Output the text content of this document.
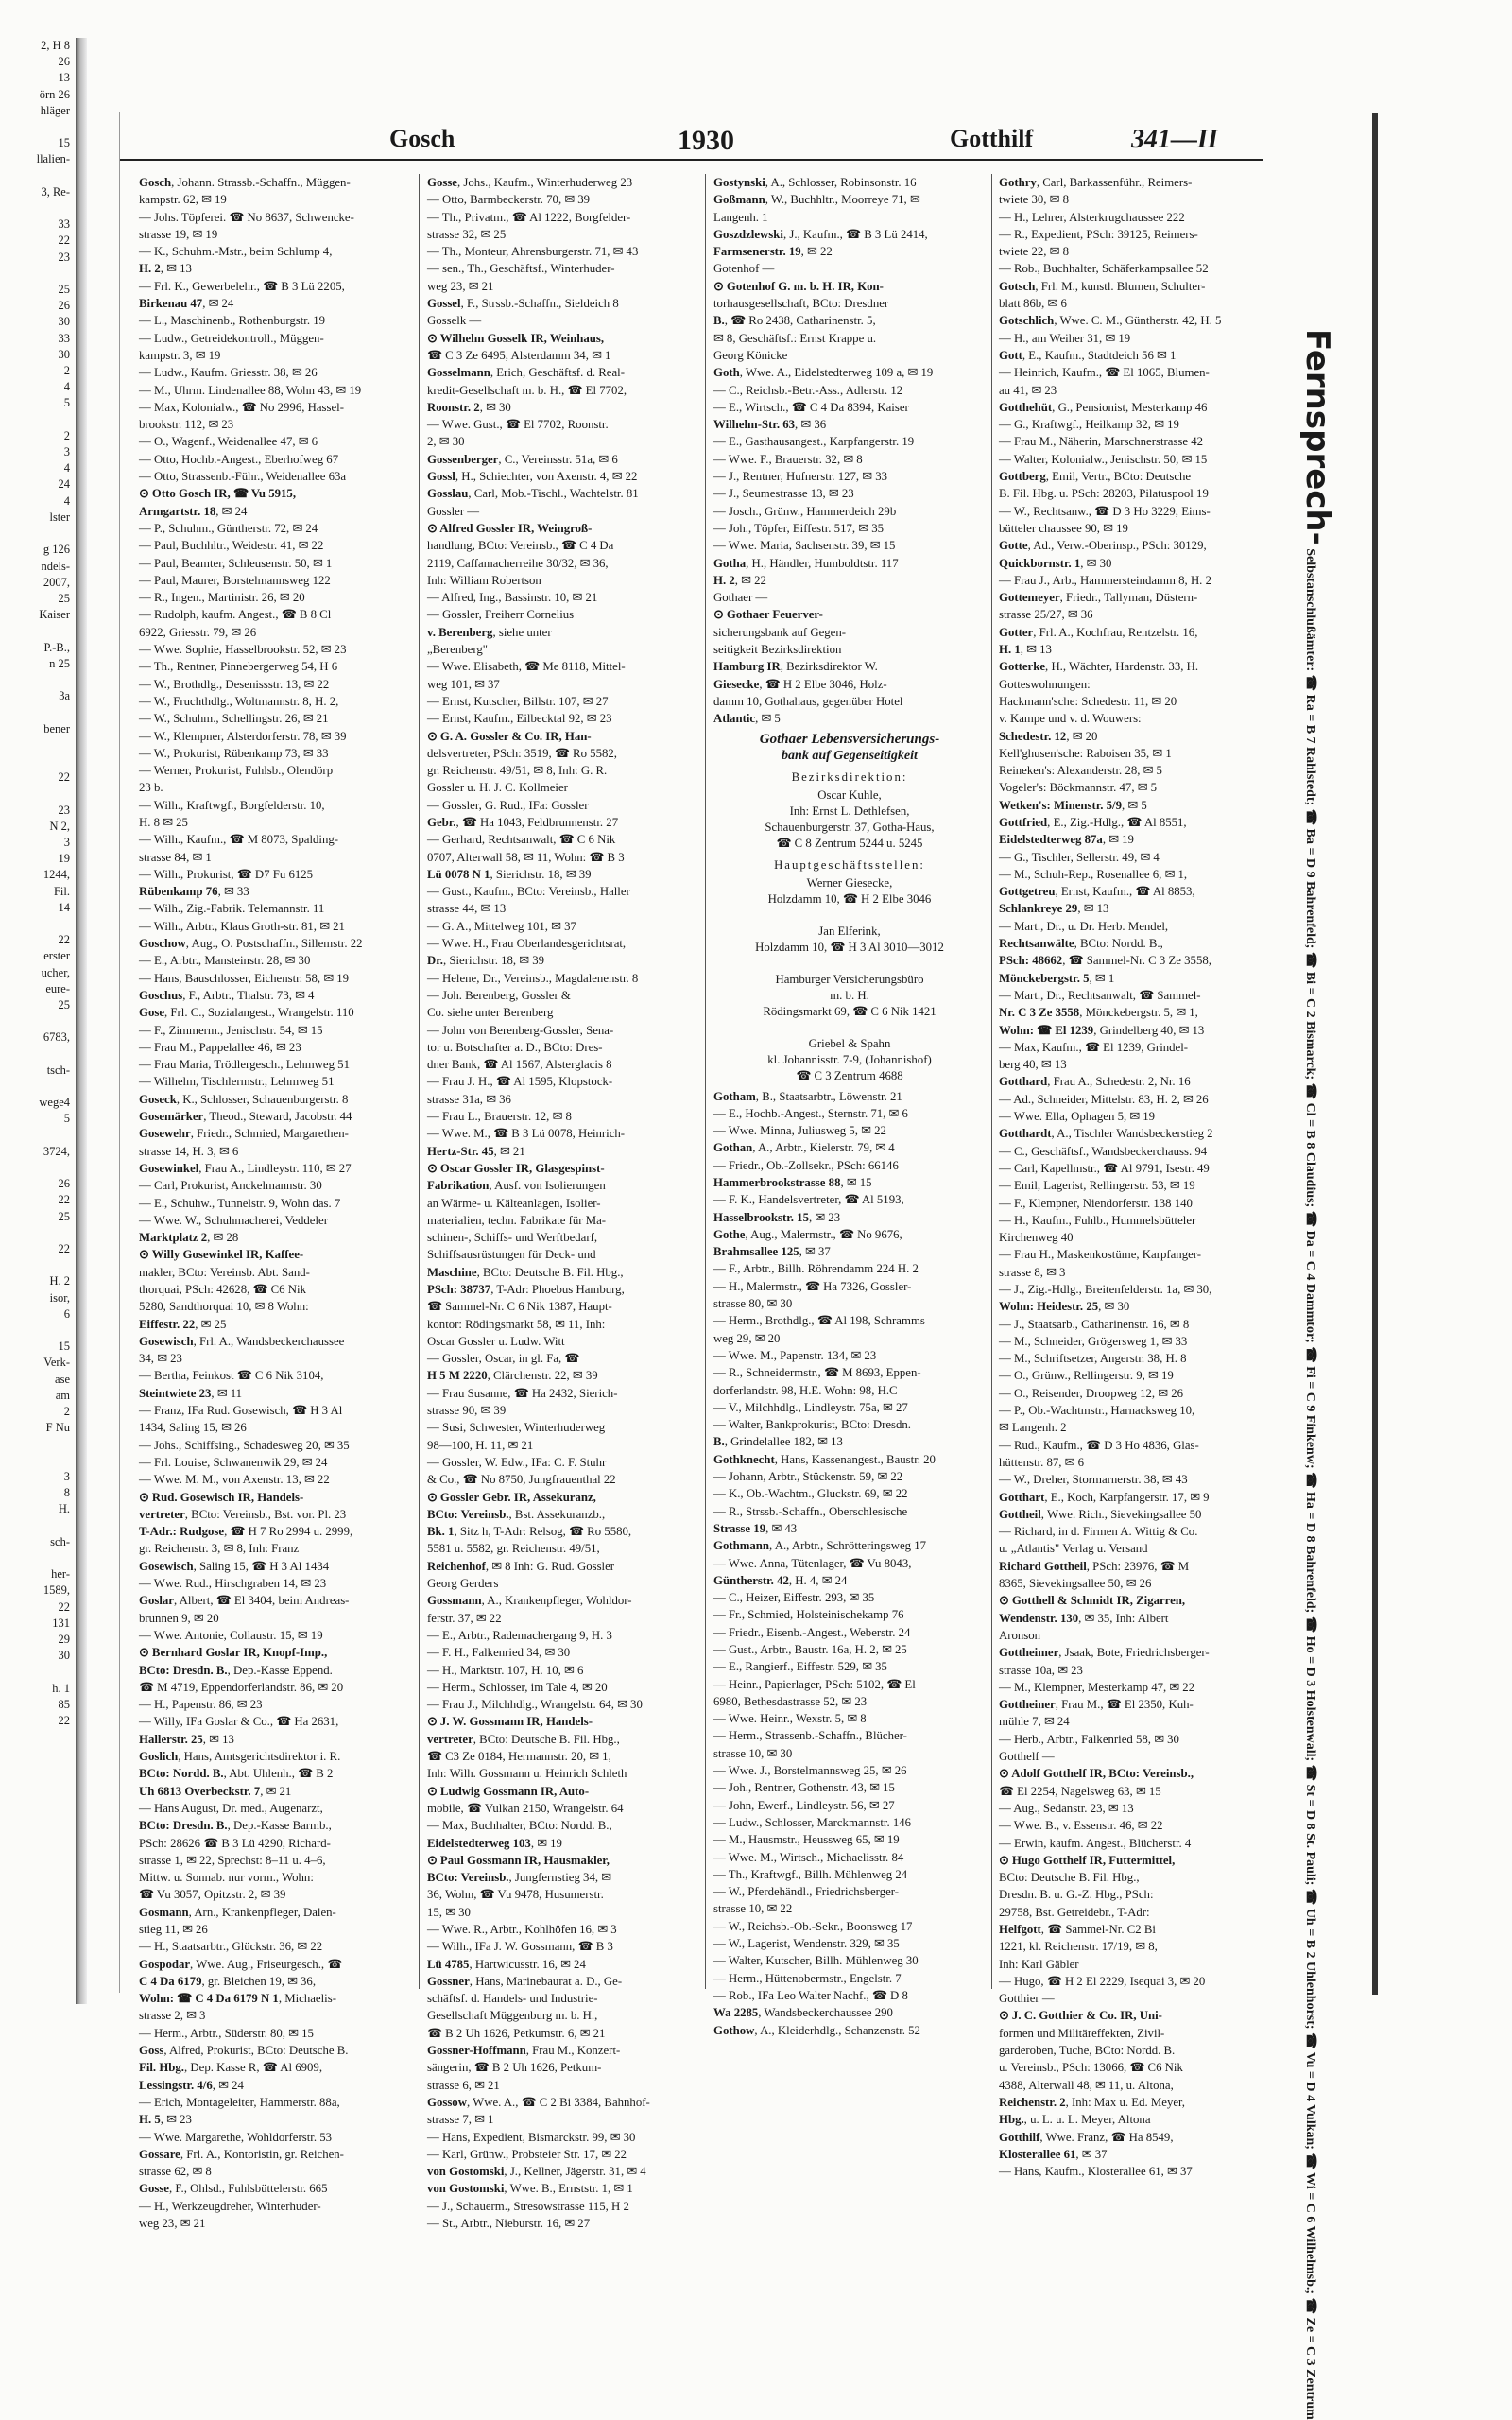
2, H 8
26
13
örn 26
hläger

15
llalien-

3, Re-

33
22
23

25
26
30
33
30
2
4
5

2
3
4
24
4
lster

g 126
ndels-
2007,
25
Kaiser

P.-B.,
n 25

3a

bener

22

23
N 2,
3
19
1244,
Fil.
14

22
erster
ucher,
eure-
25

6783,

tsch-

wege4
5

3724,

26
22
25

22

H. 2
isor,
6

15
Verk-
ase
am
2
F Nu

3
8
H.

sch-

her-
1589,
22
131
29
30

h. 1
85
22
Gosch	1930	Gotthilf	341—II
Gosch, Johann. Strassb.-Schaffn., Müggen-
kampstr. 62, ✉ 19
— Johs. Töpferei. ☎ No 8637, Schwencke-
strasse 19, ✉ 19
— K., Schuhm.-Mstr., beim Schlump 4,
H. 2, ✉ 13
— Frl. K., Gewerbelehr., ☎ B 3 Lü 2205,
Birkenau 47, ✉ 24
— L., Maschinenb., Rothenburgstr. 19
— Ludw., Getreidekontroll., Müggen-
kampstr. 3, ✉ 19
— Ludw., Kaufm. Griesstr. 38, ✉ 26
— M., Uhrm. Lindenallee 88, Wohn 43, ✉ 19
— Max, Kolonialw., ☎ No 2996, Hassel-
brookstr. 112, ✉ 23
— O., Wagenf., Weidenallee 47, ✉ 6
— Otto, Hochb.-Angest., Eberhofweg 67
— Otto, Strassenb.-Führ., Weidenallee 63a
⊙ Otto Gosch IR, ☎ Vu 5915,
Armgartstr. 18, ✉ 24
— P., Schuhm., Güntherstr. 72, ✉ 24
— Paul, Buchhltr., Weidestr. 41, ✉ 22
— Paul, Beamter, Schleusenstr. 50, ✉ 1
— Paul, Maurer, Borstelmannsweg 122
— R., Ingen., Martinistr. 26, ✉ 20
— Rudolph, kaufm. Angest., ☎ B 8 Cl
6922, Griesstr. 79, ✉ 26
— Wwe. Sophie, Hasselbrookstr. 52, ✉ 23
— Th., Rentner, Pinnebergerweg 54, H 6
— W., Brothdlg., Desenissstr. 13, ✉ 22
— W., Fruchthdlg., Woltmannstr. 8, H. 2,
— W., Schuhm., Schellingstr. 26, ✉ 21
— W., Klempner, Alsterdorferstr. 78, ✉ 39
— W., Prokurist, Rübenkamp 73, ✉ 33
— Werner, Prokurist, Fuhlsb., Olendörp
23 b.
— Wilh., Kraftwgf., Borgfelderstr. 10,
H. 8 ✉ 25
— Wilh., Kaufm., ☎ M 8073, Spalding-
strasse 84, ✉ 1
— Wilh., Prokurist, ☎ D7 Fu 6125
Rübenkamp 76, ✉ 33
— Wilh., Zig.-Fabrik. Telemannstr. 11
— Wilh., Arbtr., Klaus Groth-str. 81, ✉ 21
Goschow, Aug., O. Postschaffn., Sillemstr. 22
— E., Arbtr., Mansteinstr. 28, ✉ 30
— Hans, Bauschlosser, Eichenstr. 58, ✉ 19
Goschus, F., Arbtr., Thalstr. 73, ✉ 4
Gose, Frl. C., Sozialangest., Wrangelstr. 110
— F., Zimmerm., Jenischstr. 54, ✉ 15
— Frau M., Pappelallee 46, ✉ 23
— Frau Maria, Trödlergesch., Lehmweg 51
— Wilhelm, Tischlermstr., Lehmweg 51
Goseck, K., Schlosser, Schauenburgerstr. 8
Gosemärker, Theod., Steward, Jacobstr. 44
Gosewehr, Friedr., Schmied, Margarethen-
strasse 14, H. 3, ✉ 6
Gosewinkel, Frau A., Lindleystr. 110, ✉ 27
— Carl, Prokurist, Anckelmannstr. 30
— E., Schuhw., Tunnelstr. 9, Wohn das. 7
— Wwe. W., Schuhmacherei, Veddeler
Marktplatz 2, ✉ 28
⊙ Willy Gosewinkel IR, Kaffee-
makler, BCto: Vereinsb. Abt. Sand-
thorquai, PSch: 42628, ☎ C6 Nik
5280, Sandthorquai 10, ✉ 8 Wohn:
Eiffestr. 22, ✉ 25
Gosewisch, Frl. A., Wandsbeckerchaussee
34, ✉ 23
— Bertha, Feinkost ☎ C 6 Nik 3104,
Steintwiete 23, ✉ 11
— Franz, IFa Rud. Gosewisch, ☎ H 3 Al
1434, Saling 15, ✉ 26
— Johs., Schiffsing., Schadesweg 20, ✉ 35
— Frl. Louise, Schwanenwik 29, ✉ 24
— Wwe. M. M., von Axenstr. 13, ✉ 22
⊙ Rud. Gosewisch IR, Handels-
vertreter, BCto: Vereinsb., Bst. vor. Pl. 23
T-Adr.: Rudgose, ☎ H 7 Ro 2994 u. 2999,
gr. Reichenstr. 3, ✉ 8, Inh: Franz
Gosewisch, Saling 15, ☎ H 3 Al 1434
— Wwe. Rud., Hirschgraben 14, ✉ 23
Goslar, Albert, ☎ El 3404, beim Andreas-
brunnen 9, ✉ 20
— Wwe. Antonie, Collaustr. 15, ✉ 19
⊙ Bernhard Goslar IR, Knopf-Imp.,
BCto: Dresdn. B., Dep.-Kasse Eppend.
☎ M 4719, Eppendorferlandstr. 86, ✉ 20
— H., Papenstr. 86, ✉ 23
— Willy, IFa Goslar & Co., ☎ Ha 2631,
Hallerstr. 25, ✉ 13
Goslich, Hans, Amtsgerichtsdirektor i. R.
BCto: Nordd. B., Abt. Uhlenh., ☎ B 2
Uh 6813 Overbeckstr. 7, ✉ 21
— Hans August, Dr. med., Augenarzt,
BCto: Dresdn. B., Dep.-Kasse Barmb.,
PSch: 28626 ☎ B 3 Lü 4290, Richard-
strasse 1, ✉ 22, Sprechst: 8–11 u. 4–6,
Mittw. u. Sonnab. nur vorm., Wohn:
☎ Vu 3057, Opitzstr. 2, ✉ 39
Gosmann, Arn., Krankenpfleger, Dalen-
stieg 11, ✉ 26
— H., Staatsarbtr., Glückstr. 36, ✉ 22
Gospodar, Wwe. Aug., Friseurgesch., ☎
C 4 Da 6179, gr. Bleichen 19, ✉ 36,
Wohn: ☎ C 4 Da 6179 N 1, Michaelis-
strasse 2, ✉ 3
— Herm., Arbtr., Süderstr. 80, ✉ 15
Goss, Alfred, Prokurist, BCto: Deutsche B.
Fil. Hbg., Dep. Kasse R, ☎ Al 6909,
Lessingstr. 4/6, ✉ 24
— Erich, Montageleiter, Hammerstr. 88a,
H. 5, ✉ 23
— Wwe. Margarethe, Wohldorferstr. 53
Gossare, Frl. A., Kontoristin, gr. Reichen-
strasse 62, ✉ 8
Gosse, F., Ohlsd., Fuhlsbüttelerstr. 665
— H., Werkzeugdreher, Winterhuder-
weg 23, ✉ 21
Gosse, Johs., Kaufm., Winterhuderweg 23
— Otto, Barmbeckerstr. 70, ✉ 39
— Th., Privatm., ☎ Al 1222, Borgfelder-
strasse 32, ✉ 25
— Th., Monteur, Ahrensburgerstr. 71, ✉ 43
— sen., Th., Geschäftsf., Winterhuder-
weg 23, ✉ 21
Gossel, F., Strssb.-Schaffn., Sieldeich 8
Gosselk —
⊙ Wilhelm Gosselk IR, Weinhaus,
☎ C 3 Ze 6495, Alsterdamm 34, ✉ 1
Gosselmann, Erich, Geschäftsf. d. Real-
kredit-Gesellschaft m. b. H., ☎ El 7702,
Roonstr. 2, ✉ 30
— Wwe. Gust., ☎ El 7702, Roonstr.
2, ✉ 30
Gossenberger, C., Vereinsstr. 51a, ✉ 6
Gossl, H., Schiechter, von Axenstr. 4, ✉ 22
Gosslau, Carl, Mob.-Tischl., Wachtelstr. 81
Gossler —
⊙ Alfred Gossler IR, Weingroß-
handlung, BCto: Vereinsb., ☎ C 4 Da
2119, Caffamacherreihe 30/32, ✉ 36,
Inh: William Robertson
— Alfred, Ing., Bassinstr. 10, ✉ 21
— Gossler, Freiherr Cornelius
v. Berenberg, siehe unter
„Berenberg"
— Wwe. Elisabeth, ☎ Me 8118, Mittel-
weg 101, ✉ 37
— Ernst, Kutscher, Billstr. 107, ✉ 27
— Ernst, Kaufm., Eilbecktal 92, ✉ 23
⊙ G. A. Gossler & Co. IR, Han-
delsvertreter, PSch: 3519, ☎ Ro 5582,
gr. Reichenstr. 49/51, ✉ 8, Inh: G. R.
Gossler u. H. J. C. Kollmeier
— Gossler, G. Rud., IFa: Gossler
Gebr., ☎ Ha 1043, Feldbrunnenstr. 27
— Gerhard, Rechtsanwalt, ☎ C 6 Nik
0707, Alterwall 58, ✉ 11, Wohn: ☎ B 3
Lü 0078 N 1, Sierichstr. 18, ✉ 39
— Gust., Kaufm., BCto: Vereinsb., Haller
strasse 44, ✉ 13
— G. A., Mittelweg 101, ✉ 37
— Wwe. H., Frau Oberlandesgerichtsrat,
Dr., Sierichstr. 18, ✉ 39
— Helene, Dr., Vereinsb., Magdalenenstr. 8
— Joh. Berenberg, Gossler &
Co. siehe unter Berenberg
— John von Berenberg-Gossler, Sena-
tor u. Botschafter a. D., BCto: Dres-
dner Bank, ☎ Al 1567, Alsterglacis 8
— Frau J. H., ☎ Al 1595, Klopstock-
strasse 31a, ✉ 36
— Frau L., Brauerstr. 12, ✉ 8
— Wwe. M., ☎ B 3 Lü 0078, Heinrich-
Hertz-Str. 45, ✉ 21
⊙ Oscar Gossler IR, Glasgespinst-
Fabrikation, Ausf. von Isolierungen
an Wärme- u. Kälteanlagen, Isolier-
materialien, techn. Fabrikate für Ma-
schinen-, Schiffs- und Werftbedarf,
Schiffsausrüstungen für Deck- und
Maschine, BCto: Deutsche B. Fil. Hbg.,
PSch: 38737, T-Adr: Phoebus Hamburg,
☎ Sammel-Nr. C 6 Nik 1387, Haupt-
kontor: Rödingsmarkt 58, ✉ 11, Inh:
Oscar Gossler u. Ludw. Witt
— Gossler, Oscar, in gl. Fa, ☎
H 5 M 2220, Clärchenstr. 22, ✉ 39
— Frau Susanne, ☎ Ha 2432, Sierich-
strasse 90, ✉ 39
— Susi, Schwester, Winterhuderweg
98—100, H. 11, ✉ 21
— Gossler, W. Edw., IFa: C. F. Stuhr
& Co., ☎ No 8750, Jungfrauenthal 22
⊙ Gossler Gebr. IR, Assekuranz,
BCto: Vereinsb., Bst. Assekuranzb.,
Bk. 1, Sitz h, T-Adr: Relsog, ☎ Ro 5580,
5581 u. 5582, gr. Reichenstr. 49/51,
Reichenhof, ✉ 8 Inh: G. Rud. Gossler
Georg Gerders
Gossmann, A., Krankenpfleger, Wohldor-
ferstr. 37, ✉ 22
— E., Arbtr., Rademachergang 9, H. 3
— F. H., Falkenried 34, ✉ 30
— H., Marktstr. 107, H. 10, ✉ 6
— Herm., Schlosser, im Tale 4, ✉ 20
— Frau J., Milchhdlg., Wrangelstr. 64, ✉ 30
⊙ J. W. Gossmann IR, Handels-
vertreter, BCto: Deutsche B. Fil. Hbg.,
☎ C3 Ze 0184, Hermannstr. 20, ✉ 1,
Inh: Wilh. Gossmann u. Heinrich Schleth
⊙ Ludwig Gossmann IR, Auto-
mobile, ☎ Vulkan 2150, Wrangelstr. 64
— Max, Buchhalter, BCto: Nordd. B.,
Eidelstedterweg 103, ✉ 19
⊙ Paul Gossmann IR, Hausmakler,
BCto: Vereinsb., Jungfernstieg 34, ✉
36, Wohn, ☎ Vu 9478, Husumerstr.
15, ✉ 30
— Wwe. R., Arbtr., Kohlhöfen 16, ✉ 3
— Wilh., IFa J. W. Gossmann, ☎ B 3
Lü 4785, Hartwicusstr. 16, ✉ 24
Gossner, Hans, Marinebaurat a. D., Ge-
schäftsf. d. Handels- und Industrie-
Gesellschaft Müggenburg m. b. H.,
☎ B 2 Uh 1626, Petkumstr. 6, ✉ 21
Gossner-Hoffmann, Frau M., Konzert-
sängerin, ☎ B 2 Uh 1626, Petkum-
strasse 6, ✉ 21
Gossow, Wwe. A., ☎ C 2 Bi 3384, Bahnhof-
strasse 7, ✉ 1
— Hans, Expedient, Bismarckstr. 99, ✉ 30
— Karl, Grünw., Probsteier Str. 17, ✉ 22
von Gostomski, J., Kellner, Jägerstr. 31, ✉ 4
von Gostomski, Wwe. B., Ernststr. 1, ✉ 1
— J., Schauerm., Stresowstrasse 115, H 2
— St., Arbtr., Nieburstr. 16, ✉ 27
Gostynski, A., Schlosser, Robinsonstr. 16
Goßmann, W., Buchhltr., Moorreye 71, ✉
Langenh. 1
Goszdzlewski, J., Kaufm., ☎ B 3 Lü 2414,
Farmsenerstr. 19, ✉ 22
Gotenhof —
⊙ Gotenhof G. m. b. H. IR, Kon-
torhausgesellschaft, BCto: Dresdner
B., ☎ Ro 2438, Catharinenstr. 5,
✉ 8, Geschäftsf.: Ernst Krappe u.
Georg Könicke
Goth, Wwe. A., Eidelstedterweg 109 a, ✉ 19
— C., Reichsb.-Betr.-Ass., Adlerstr. 12
— E., Wirtsch., ☎ C 4 Da 8394, Kaiser
Wilhelm-Str. 63, ✉ 36
— E., Gasthausangest., Karpfangerstr. 19
— Wwe. F., Brauerstr. 32, ✉ 8
— J., Rentner, Hufnerstr. 127, ✉ 33
— J., Seumestrasse 13, ✉ 23
— Josch., Grünw., Hammerdeich 29b
— Joh., Töpfer, Eiffestr. 517, ✉ 35
— Wwe. Maria, Sachsenstr. 39, ✉ 15
Gotha, H., Händler, Humboldtstr. 117
H. 2, ✉ 22
Gothaer —
⊙ Gothaer Feuerver-
sicherungsbank auf Gegen-
seitigkeit Bezirksdirektion
Hamburg IR, Bezirksdirektor W.
Giesecke, ☎ H 2 Elbe 3046, Holz-
damm 10, Gothahaus, gegenüber Hotel
Atlantic, ✉ 5
Gothaer Lebensversicherungs-
bank auf Gegenseitigkeit
Bezirksdirektion:
Oscar Kuhle,
Inh: Ernst L. Dethlefsen,
Schauenburgerstr. 37, Gotha-Haus,
☎ C 8 Zentrum 5244 u. 5245
Hauptgeschäftsstellen:
Werner Giesecke,
Holzdamm 10, ☎ H 2 Elbe 3046

Jan Elferink,
Holzdamm 10, ☎ H 3 Al 3010—3012

Hamburger Versicherungsbüro
m. b. H.
Rödingsmarkt 69, ☎ C 6 Nik 1421

Griebel & Spahn
kl. Johannisstr. 7-9, (Johannishof)
☎ C 3 Zentrum 4688
Gotham, B., Staatsarbtr., Löwenstr. 21
— E., Hochb.-Angest., Sternstr. 71, ✉ 6
— Wwe. Minna, Juliusweg 5, ✉ 22
Gothan, A., Arbtr., Kielerstr. 79, ✉ 4
— Friedr., Ob.-Zollsekr., PSch: 66146
Hammerbrookstrasse 88, ✉ 15
— F. K., Handelsvertreter, ☎ Al 5193,
Hasselbrookstr. 15, ✉ 23
Gothe, Aug., Malermstr., ☎ No 9676,
Brahmsallee 125, ✉ 37
— F., Arbtr., Billh. Röhrendamm 224 H. 2
— H., Malermstr., ☎ Ha 7326, Gossler-
strasse 80, ✉ 30
— Herm., Brothdlg., ☎ Al 198, Schramms
weg 29, ✉ 20
— Wwe. M., Papenstr. 134, ✉ 23
— R., Schneidermstr., ☎ M 8693, Eppen-
dorferlandstr. 98, H.E. Wohn: 98, H.C
— V., Milchhdlg., Lindleystr. 75a, ✉ 27
— Walter, Bankprokurist, BCto: Dresdn.
B., Grindelallee 182, ✉ 13
Gothknecht, Hans, Kassenangest., Baustr. 20
— Johann, Arbtr., Stückenstr. 59, ✉ 22
— K., Ob.-Wachtm., Gluckstr. 69, ✉ 22
— R., Strssb.-Schaffn., Oberschlesische
Strasse 19, ✉ 43
Gothmann, A., Arbtr., Schrötteringsweg 17
— Wwe. Anna, Tütenlager, ☎ Vu 8043,
Güntherstr. 42, H. 4, ✉ 24
— C., Heizer, Eiffestr. 293, ✉ 35
— Fr., Schmied, Holsteinischekamp 76
— Friedr., Eisenb.-Angest., Weberstr. 24
— Gust., Arbtr., Baustr. 16a, H. 2, ✉ 25
— E., Rangierf., Eiffestr. 529, ✉ 35
— Heinr., Papierlager, PSch: 5102, ☎ El
6980, Bethesdastrasse 52, ✉ 23
— Wwe. Heinr., Wexstr. 5, ✉ 8
— Herm., Strassenb.-Schaffn., Blücher-
strasse 10, ✉ 30
— Wwe. J., Borstelmannsweg 25, ✉ 26
— Joh., Rentner, Gothenstr. 43, ✉ 15
— John, Ewerf., Lindleystr. 56, ✉ 27
— Ludw., Schlosser, Marckmannstr. 146
— M., Hausmstr., Heussweg 65, ✉ 19
— Wwe. M., Wirtsch., Michaelisstr. 84
— Th., Kraftwgf., Billh. Mühlenweg 24
— W., Pferdehändl., Friedrichsberger-
strasse 10, ✉ 22
— W., Reichsb.-Ob.-Sekr., Boonsweg 17
— W., Lagerist, Wendenstr. 329, ✉ 35
— Walter, Kutscher, Billh. Mühlenweg 30
— Herm., Hüttenobermstr., Engelstr. 7
— Rob., IFa Leo Walter Nachf., ☎ D 8
Wa 2285, Wandsbeckerchaussee 290
Gothow, A., Kleiderhdlg., Schanzenstr. 52
Gothry, Carl, Barkassenführ., Reimers-
twiete 30, ✉ 8
— H., Lehrer, Alsterkrugchaussee 222
— R., Expedient, PSch: 39125, Reimers-
twiete 22, ✉ 8
— Rob., Buchhalter, Schäferkampsallee 52
Gotsch, Frl. M., kunstl. Blumen, Schulter-
blatt 86b, ✉ 6
Gotschlich, Wwe. C. M., Güntherstr. 42, H. 5
— H., am Weiher 31, ✉ 19
Gott, E., Kaufm., Stadtdeich 56 ✉ 1
— Heinrich, Kaufm., ☎ El 1065, Blumen-
au 41, ✉ 23
Gotthehüt, G., Pensionist, Mesterkamp 46
— G., Kraftwgf., Heilkamp 32, ✉ 19
— Frau M., Näherin, Marschnerstrasse 42
— Walter, Kolonialw., Jenischstr. 50, ✉ 15
Gottberg, Emil, Vertr., BCto: Deutsche
B. Fil. Hbg. u. PSch: 28203, Pilatuspool 19
— W., Rechtsanw., ☎ D 3 Ho 3229, Eims-
bütteler chaussee 90, ✉ 19
Gotte, Ad., Verw.-Oberinsp., PSch: 30129,
Quickbornstr. 1, ✉ 30
— Frau J., Arb., Hammersteindamm 8, H. 2
Gottemeyer, Friedr., Tallyman, Düstern-
strasse 25/27, ✉ 36
Gotter, Frl. A., Kochfrau, Rentzelstr. 16,
H. 1, ✉ 13
Gotterke, H., Wächter, Hardenstr. 33, H.
Gotteswohnungen:
Hackmann'sche: Schedestr. 11, ✉ 20
v. Kampe und v. d. Wouwers:
Schedestr. 12, ✉ 20
Kell'ghusen'sche: Raboisen 35, ✉ 1
Reineken's: Alexanderstr. 28, ✉ 5
Vogeler's: Böckmannstr. 47, ✉ 5
Wetken's: Minenstr. 5/9, ✉ 5
Gottfried, E., Zig.-Hdlg., ☎ Al 8551,
Eidelstedterweg 87a, ✉ 19
— G., Tischler, Sellerstr. 49, ✉ 4
— M., Schuh-Rep., Rosenallee 6, ✉ 1,
Gottgetreu, Ernst, Kaufm., ☎ Al 8853,
Schlankreye 29, ✉ 13
— Mart., Dr., u. Dr. Herb. Mendel,
Rechtsanwälte, BCto: Nordd. B.,
PSch: 48662, ☎ Sammel-Nr. C 3 Ze 3558,
Mönckebergstr. 5, ✉ 1
— Mart., Dr., Rechtsanwalt, ☎ Sammel-
Nr. C 3 Ze 3558, Mönckebergstr. 5, ✉ 1,
Wohn: ☎ El 1239, Grindelberg 40, ✉ 13
— Max, Kaufm., ☎ El 1239, Grindel-
berg 40, ✉ 13
Gotthard, Frau A., Schedestr. 2, Nr. 16
— Ad., Schneider, Mittelstr. 83, H. 2, ✉ 26
— Wwe. Ella, Ophagen 5, ✉ 19
Gotthardt, A., Tischler Wandsbeckerstieg 2
— C., Geschäftsf., Wandsbeckerchauss. 94
— Carl, Kapellmstr., ☎ Al 9791, Isestr. 49
— Emil, Lagerist, Rellingerstr. 53, ✉ 19
— F., Klempner, Niendorferstr. 138 140
— H., Kaufm., Fuhlb., Hummelsbütteler
Kirchenweg 40
— Frau H., Maskenkostüme, Karpfanger-
strasse 8, ✉ 3
— J., Zig.-Hdlg., Breitenfelderstr. 1a, ✉ 30,
Wohn: Heidestr. 25, ✉ 30
— J., Staatsarb., Catharinenstr. 16, ✉ 8
— M., Schneider, Grögersweg 1, ✉ 33
— M., Schriftsetzer, Angerstr. 38, H. 8
— O., Grünw., Rellingerstr. 9, ✉ 19
— O., Reisender, Droopweg 12, ✉ 26
— P., Ob.-Wachtmstr., Harnacksweg 10,
✉ Langenh. 2
— Rud., Kaufm., ☎ D 3 Ho 4836, Glas-
hüttenstr. 87, ✉ 6
— W., Dreher, Stormarnerstr. 38, ✉ 43
Gotthart, E., Koch, Karpfangerstr. 17, ✉ 9
Gottheil, Wwe. Rich., Sievekingsallee 50
— Richard, in d. Firmen A. Wittig & Co.
u. „Atlantis" Verlag u. Versand
Richard Gottheil, PSch: 23976, ☎ M
8365, Sievekingsallee 50, ✉ 26
⊙ Gotthell & Schmidt IR, Zigarren,
Wendenstr. 130, ✉ 35, Inh: Albert
Aronson
Gottheimer, Jsaak, Bote, Friedrichsberger-
strasse 10a, ✉ 23
— M., Klempner, Mesterkamp 47, ✉ 22
Gottheiner, Frau M., ☎ El 2350, Kuh-
mühle 7, ✉ 24
— Herb., Arbtr., Falkenried 58, ✉ 30
Gotthelf —
⊙ Adolf Gotthelf IR, BCto: Vereinsb.,
☎ El 2254, Nagelsweg 63, ✉ 15
— Aug., Sedanstr. 23, ✉ 13
— Wwe. B., v. Essenstr. 46, ✉ 22
— Erwin, kaufm. Angest., Blücherstr. 4
⊙ Hugo Gotthelf IR, Futtermittel,
BCto: Deutsche B. Fil. Hbg.,
Dresdn. B. u. G.-Z. Hbg., PSch:
29758, Bst. Getreidebr., T-Adr:
Helfgott, ☎ Sammel-Nr. C2 Bi
1221, kl. Reichenstr. 17/19, ✉ 8,
Inh: Karl Gäbler
— Hugo, ☎ H 2 El 2229, Isequai 3, ✉ 20
Gotthier —
⊙ J. C. Gotthier & Co. IR, Uni-
formen und Militäreffekten, Zivil-
garderoben, Tuche, BCto: Nordd. B.
u. Vereinsb., PSch: 13066, ☎ C6 Nik
4388, Alterwall 48, ✉ 11, u. Altona,
Reichenstr. 2, Inh: Max u. Ed. Meyer,
Hbg., u. L. u. L. Meyer, Altona
Gotthilf, Wwe. Franz, ☎ Ha 8549,
Klosterallee 61, ✉ 37
— Hans, Kaufm., Klosterallee 61, ✉ 37
Fernsprech- Selbstanschlußämter: ☎ Ra = B 7 Rahlstedt; ☎ Ba = D 9 Bahrenfeld; ☎ Bi = C 2 Bismarck; ☎ Cl = B 8 Claudius; ☎ Da = C 4 Dammtor; ☎ Fi = C 9 Finkenw; ☎ Ha = D 8 Bahrenfeld; ☎ Ho = D 3 Holstenwall; ☎ St = D 8 St. Pauli; ☎ Uh = B 2 Uhlenhorst; ☎ Vu = D 4 Vulkan; ☎ Wi = C 6 Wilhelmsb.; ☎ Ze = C 3 Zentrum
